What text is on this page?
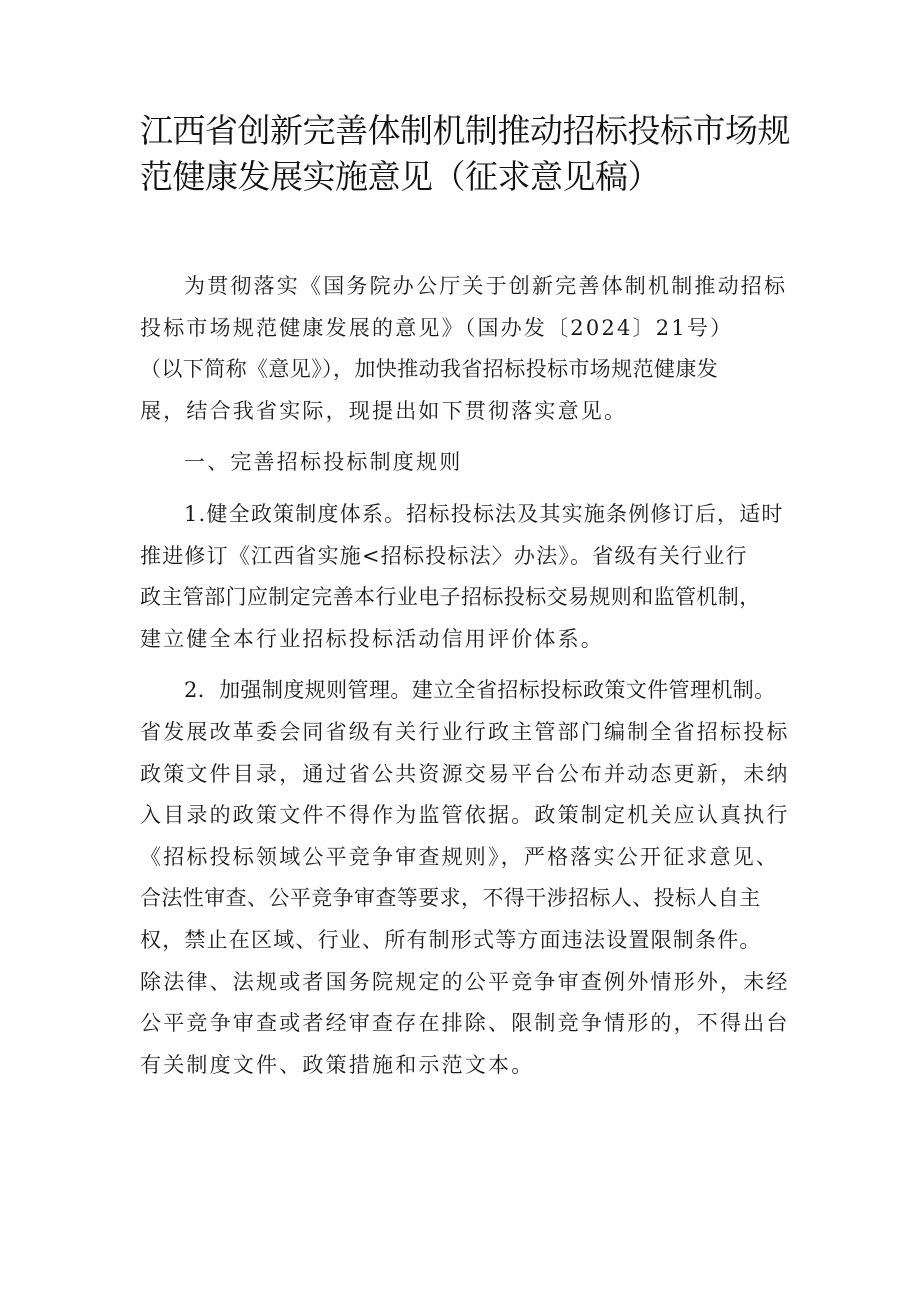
江西省创新完善体制机制推动招标投标市场规
范健康发展实施意见（征求意见稿）
为贯彻落实《国务院办公厅关于创新完善体制机制推动招标
投标市场规范健康发展的意见》（国办发〔2024〕21号）
（以下简称《意见》），加快推动我省招标投标市场规范健康发
展，结合我省实际，现提出如下贯彻落实意见。
一、完善招标投标制度规则
1.健全政策制度体系。招标投标法及其实施条例修订后，适时
推进修订《江西省实施<招标投标法〉办法》。省级有关行业行
政主管部门应制定完善本行业电子招标投标交易规则和监管机制，
建立健全本行业招标投标活动信用评价体系。
2．加强制度规则管理。建立全省招标投标政策文件管理机制。
省发展改革委会同省级有关行业行政主管部门编制全省招标投标
政策文件目录，通过省公共资源交易平台公布并动态更新，未纳
入目录的政策文件不得作为监管依据。政策制定机关应认真执行
《招标投标领域公平竞争审查规则》，严格落实公开征求意见、
合法性审查、公平竞争审查等要求，不得干涉招标人、投标人自主
权，禁止在区域、行业、所有制形式等方面违法设置限制条件。
除法律、法规或者国务院规定的公平竞争审查例外情形外，未经
公平竞争审查或者经审查存在排除、限制竞争情形的，不得出台
有关制度文件、政策措施和示范文本。
